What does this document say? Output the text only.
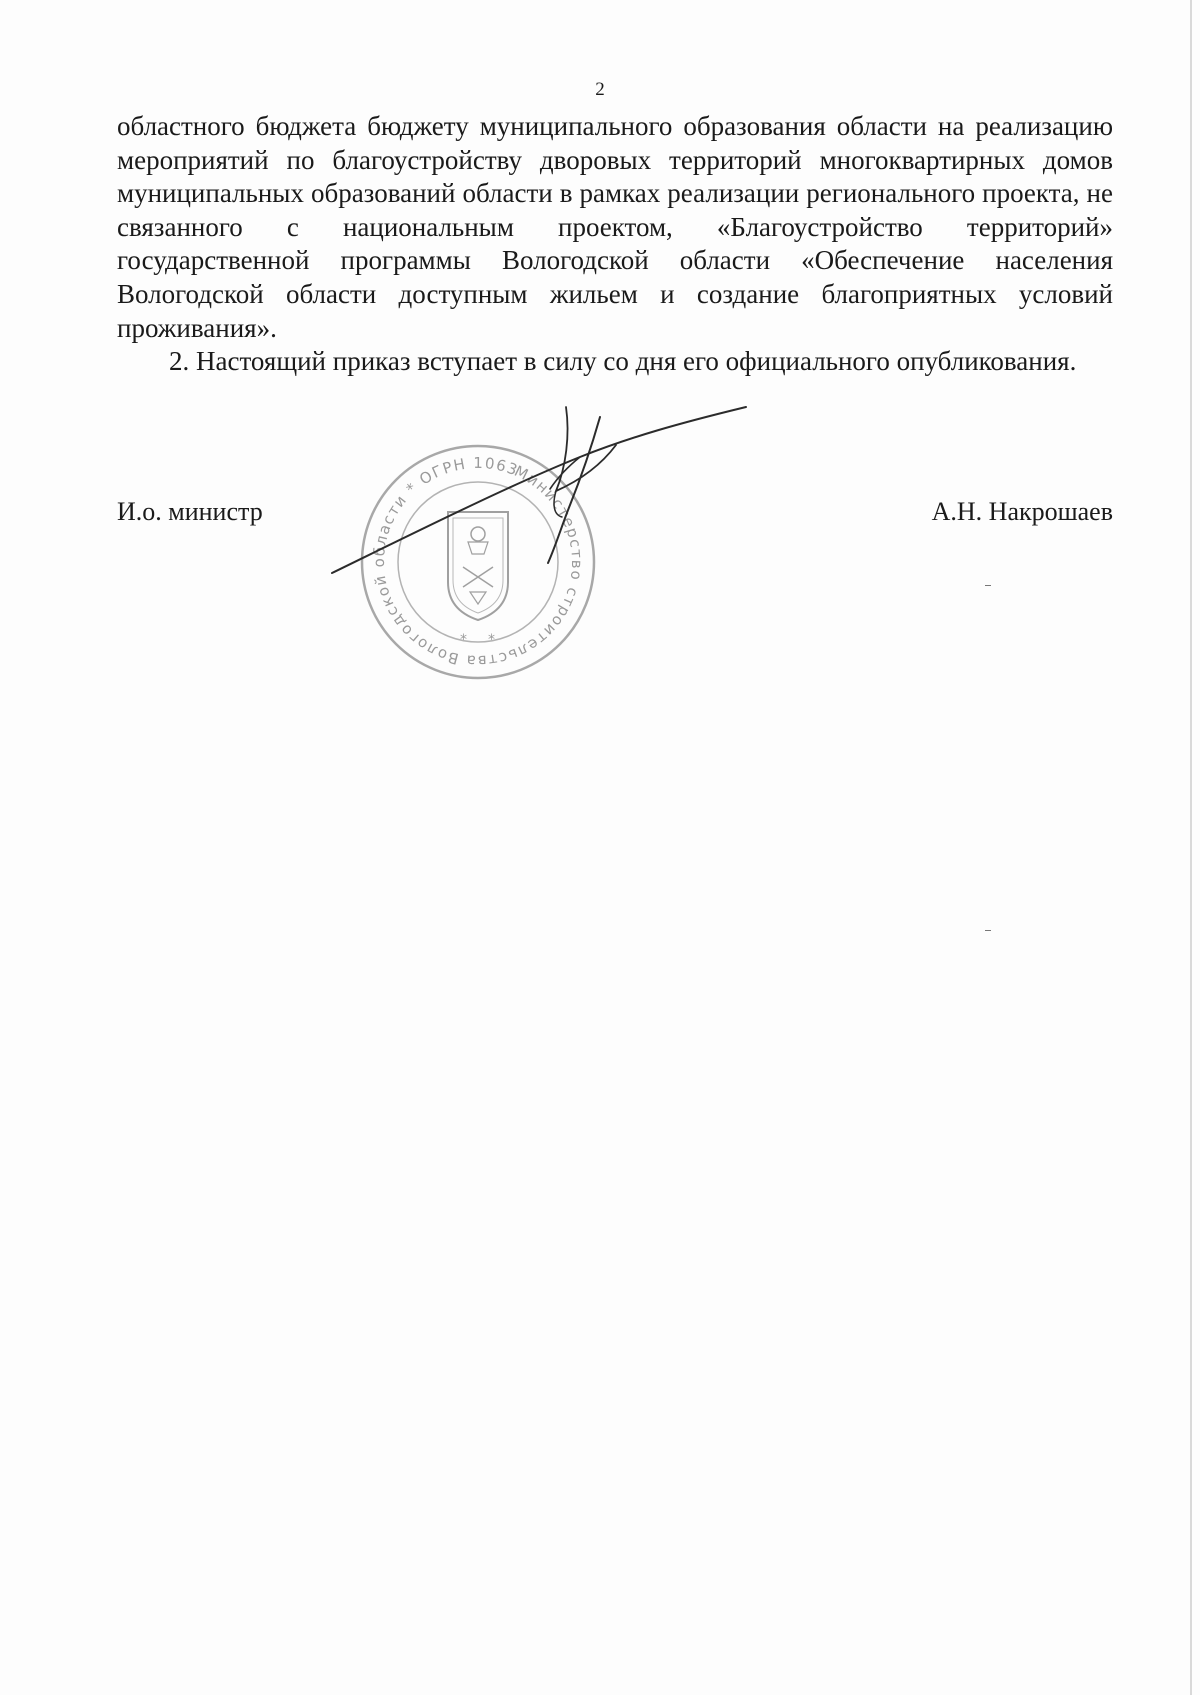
2

областного бюджета бюджету муниципального образования области на реализацию мероприятий по благоустройству дворовых территорий многоквартирных домов муниципальных образований области в рамках реализации регионального проекта, не связанного с национальным проектом, «Благоустройство территорий» государственной программы Вологодской области «Обеспечение населения Вологодской области доступным жильем и создание благоприятных условий проживания».

2. Настоящий приказ вступает в силу со дня его официального опубликования.

И.о. министр	А.Н. Накрошаев
Министерство строительства Вологодской области * ОГРН 1063525000040
* *
